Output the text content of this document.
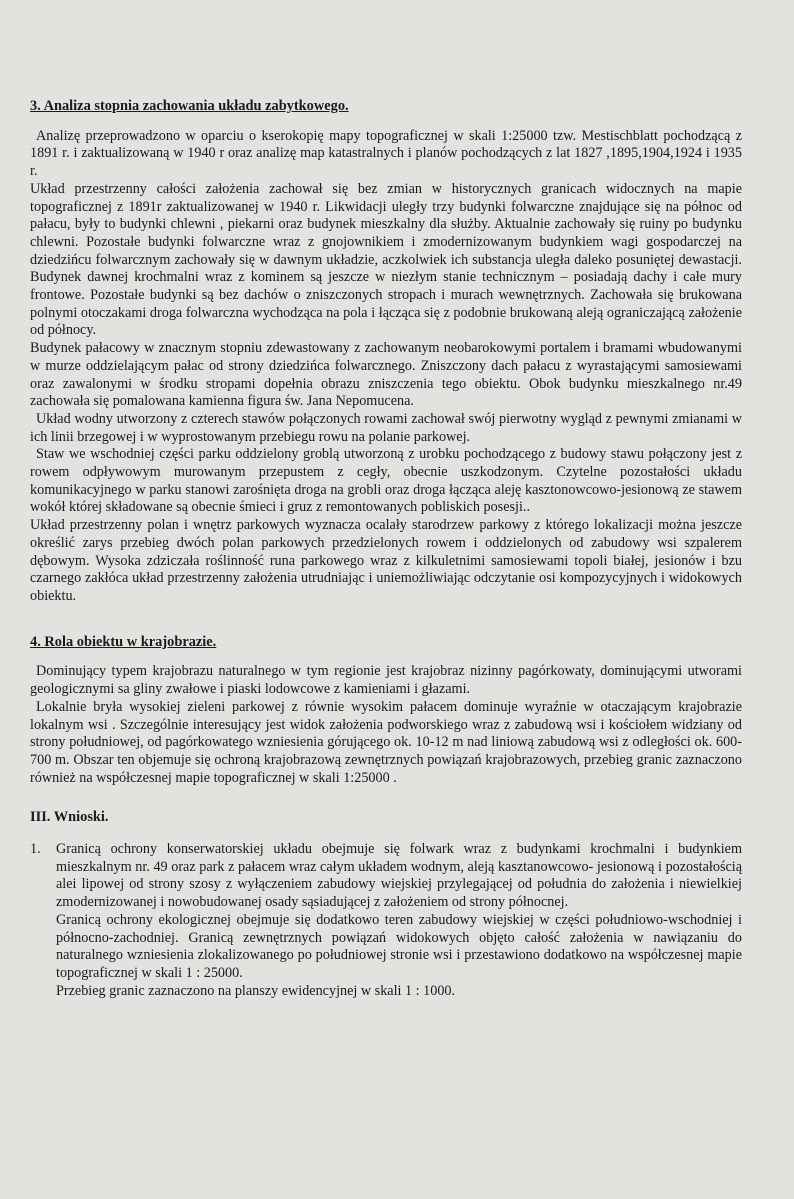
3. Analiza stopnia zachowania układu zabytkowego.

Analizę przeprowadzono w oparciu o kserokopię mapy topograficznej w skali 1:25000 tzw. Mestischblatt pochodzącą z 1891 r. i zaktualizowaną w 1940 r oraz analizę map katastralnych i planów pochodzących z lat 1827 ,1895,1904,1924 i 1935 r.

Układ przestrzenny całości założenia zachował się bez zmian w historycznych granicach widocznych na mapie topograficznej z 1891r zaktualizowanej w 1940 r. Likwidacji uległy trzy budynki folwarczne znajdujące się na północ od pałacu, były to budynki chlewni , piekarni oraz budynek mieszkalny dla służby. Aktualnie zachowały się ruiny po budynku chlewni. Pozostałe budynki folwarczne wraz z gnojownikiem i zmodernizowanym budynkiem wagi gospodarczej na dziedzińcu folwarcznym zachowały się w dawnym układzie, aczkolwiek ich substancja uległa daleko posuniętej dewastacji. Budynek dawnej krochmalni wraz z kominem są jeszcze w niezłym stanie technicznym – posiadają dachy i całe mury frontowe. Pozostałe budynki są bez dachów o zniszczonych stropach i murach wewnętrznych. Zachowała się brukowana polnymi otoczakami droga folwarczna wychodząca na pola i łącząca się z podobnie brukowaną aleją ograniczającą założenie od północy.

Budynek pałacowy w znacznym stopniu zdewastowany z zachowanym neobarokowymi portalem i bramami wbudowanymi w murze oddzielającym pałac od strony dziedzińca folwarcznego. Zniszczony dach pałacu z wyrastającymi samosiewami oraz zawalonymi w środku stropami dopełnia obrazu zniszczenia tego obiektu. Obok budynku mieszkalnego nr.49 zachowała się pomalowana kamienna figura św. Jana Nepomucena.

Układ wodny utworzony z czterech stawów połączonych rowami zachował swój pierwotny wygląd z pewnymi zmianami w ich linii brzegowej i w wyprostowanym przebiegu rowu na polanie parkowej.

Staw we wschodniej części parku oddzielony groblą utworzoną z urobku pochodzącego z budowy stawu połączony jest z rowem odpływowym murowanym przepustem z cegły, obecnie uszkodzonym. Czytelne pozostałości układu komunikacyjnego w parku stanowi zarośnięta droga na grobli oraz droga łącząca aleję kasztonowcowo-jesionową ze stawem wokół której składowane są obecnie śmieci i gruz z remontowanych pobliskich posesji..

Układ przestrzenny polan i wnętrz parkowych wyznacza ocalały starodrzew parkowy z którego lokalizacji można jeszcze określić zarys przebieg dwóch polan parkowych przedzielonych rowem i oddzielonych od zabudowy wsi szpalerem dębowym. Wysoka zdziczała roślinność runa parkowego wraz z kilkuletnimi samosiewami topoli białej, jesionów i bzu czarnego zakłóca układ przestrzenny założenia utrudniając i uniemożliwiając odczytanie osi kompozycyjnych i widokowych obiektu.

4. Rola obiektu w krajobrazie.

Dominujący typem krajobrazu naturalnego w tym regionie jest krajobraz nizinny pagórkowaty, dominującymi utworami geologicznymi sa gliny zwałowe i piaski lodowcowe z kamieniami i głazami.

Lokalnie bryła wysokiej zieleni parkowej z równie wysokim pałacem dominuje wyraźnie w otaczającym krajobrazie lokalnym wsi . Szczególnie interesujący jest widok założenia podworskiego wraz z zabudową wsi i kościołem widziany od strony południowej, od pagórkowatego wzniesienia górującego ok. 10-12 m nad liniową zabudową wsi z odległości ok. 600- 700 m. Obszar ten objemuje się ochroną krajobrazową zewnętrznych powiązań krajobrazowych, przebieg granic zaznaczono również na współczesnej mapie topograficznej w skali 1:25000 .

III. Wnioski.
1.	Granicą ochrony konserwatorskiej układu obejmuje się folwark wraz z budynkami krochmalni i budynkiem mieszkalnym nr. 49 oraz park z pałacem wraz całym układem wodnym, aleją kasztanowcowo- jesionową i pozostałością alei lipowej od strony szosy z wyłączeniem zabudowy wiejskiej przylegającej od południa do założenia i niewielkiej zmodernizowanej i nowobudowanej osady sąsiadującej z założeniem od strony północnej.

Granicą ochrony ekologicznej obejmuje się dodatkowo teren zabudowy wiejskiej w części południowo-wschodniej i północno-zachodniej. Granicą zewnętrznych powiązań widokowych objęto całość założenia w nawiązaniu do naturalnego wzniesienia zlokalizowanego po południowej stronie wsi i przestawiono dodatkowo na współczesnej mapie topograficznej w skali 1 : 25000.

Przebieg granic zaznaczono na planszy ewidencyjnej w skali 1 : 1000.
